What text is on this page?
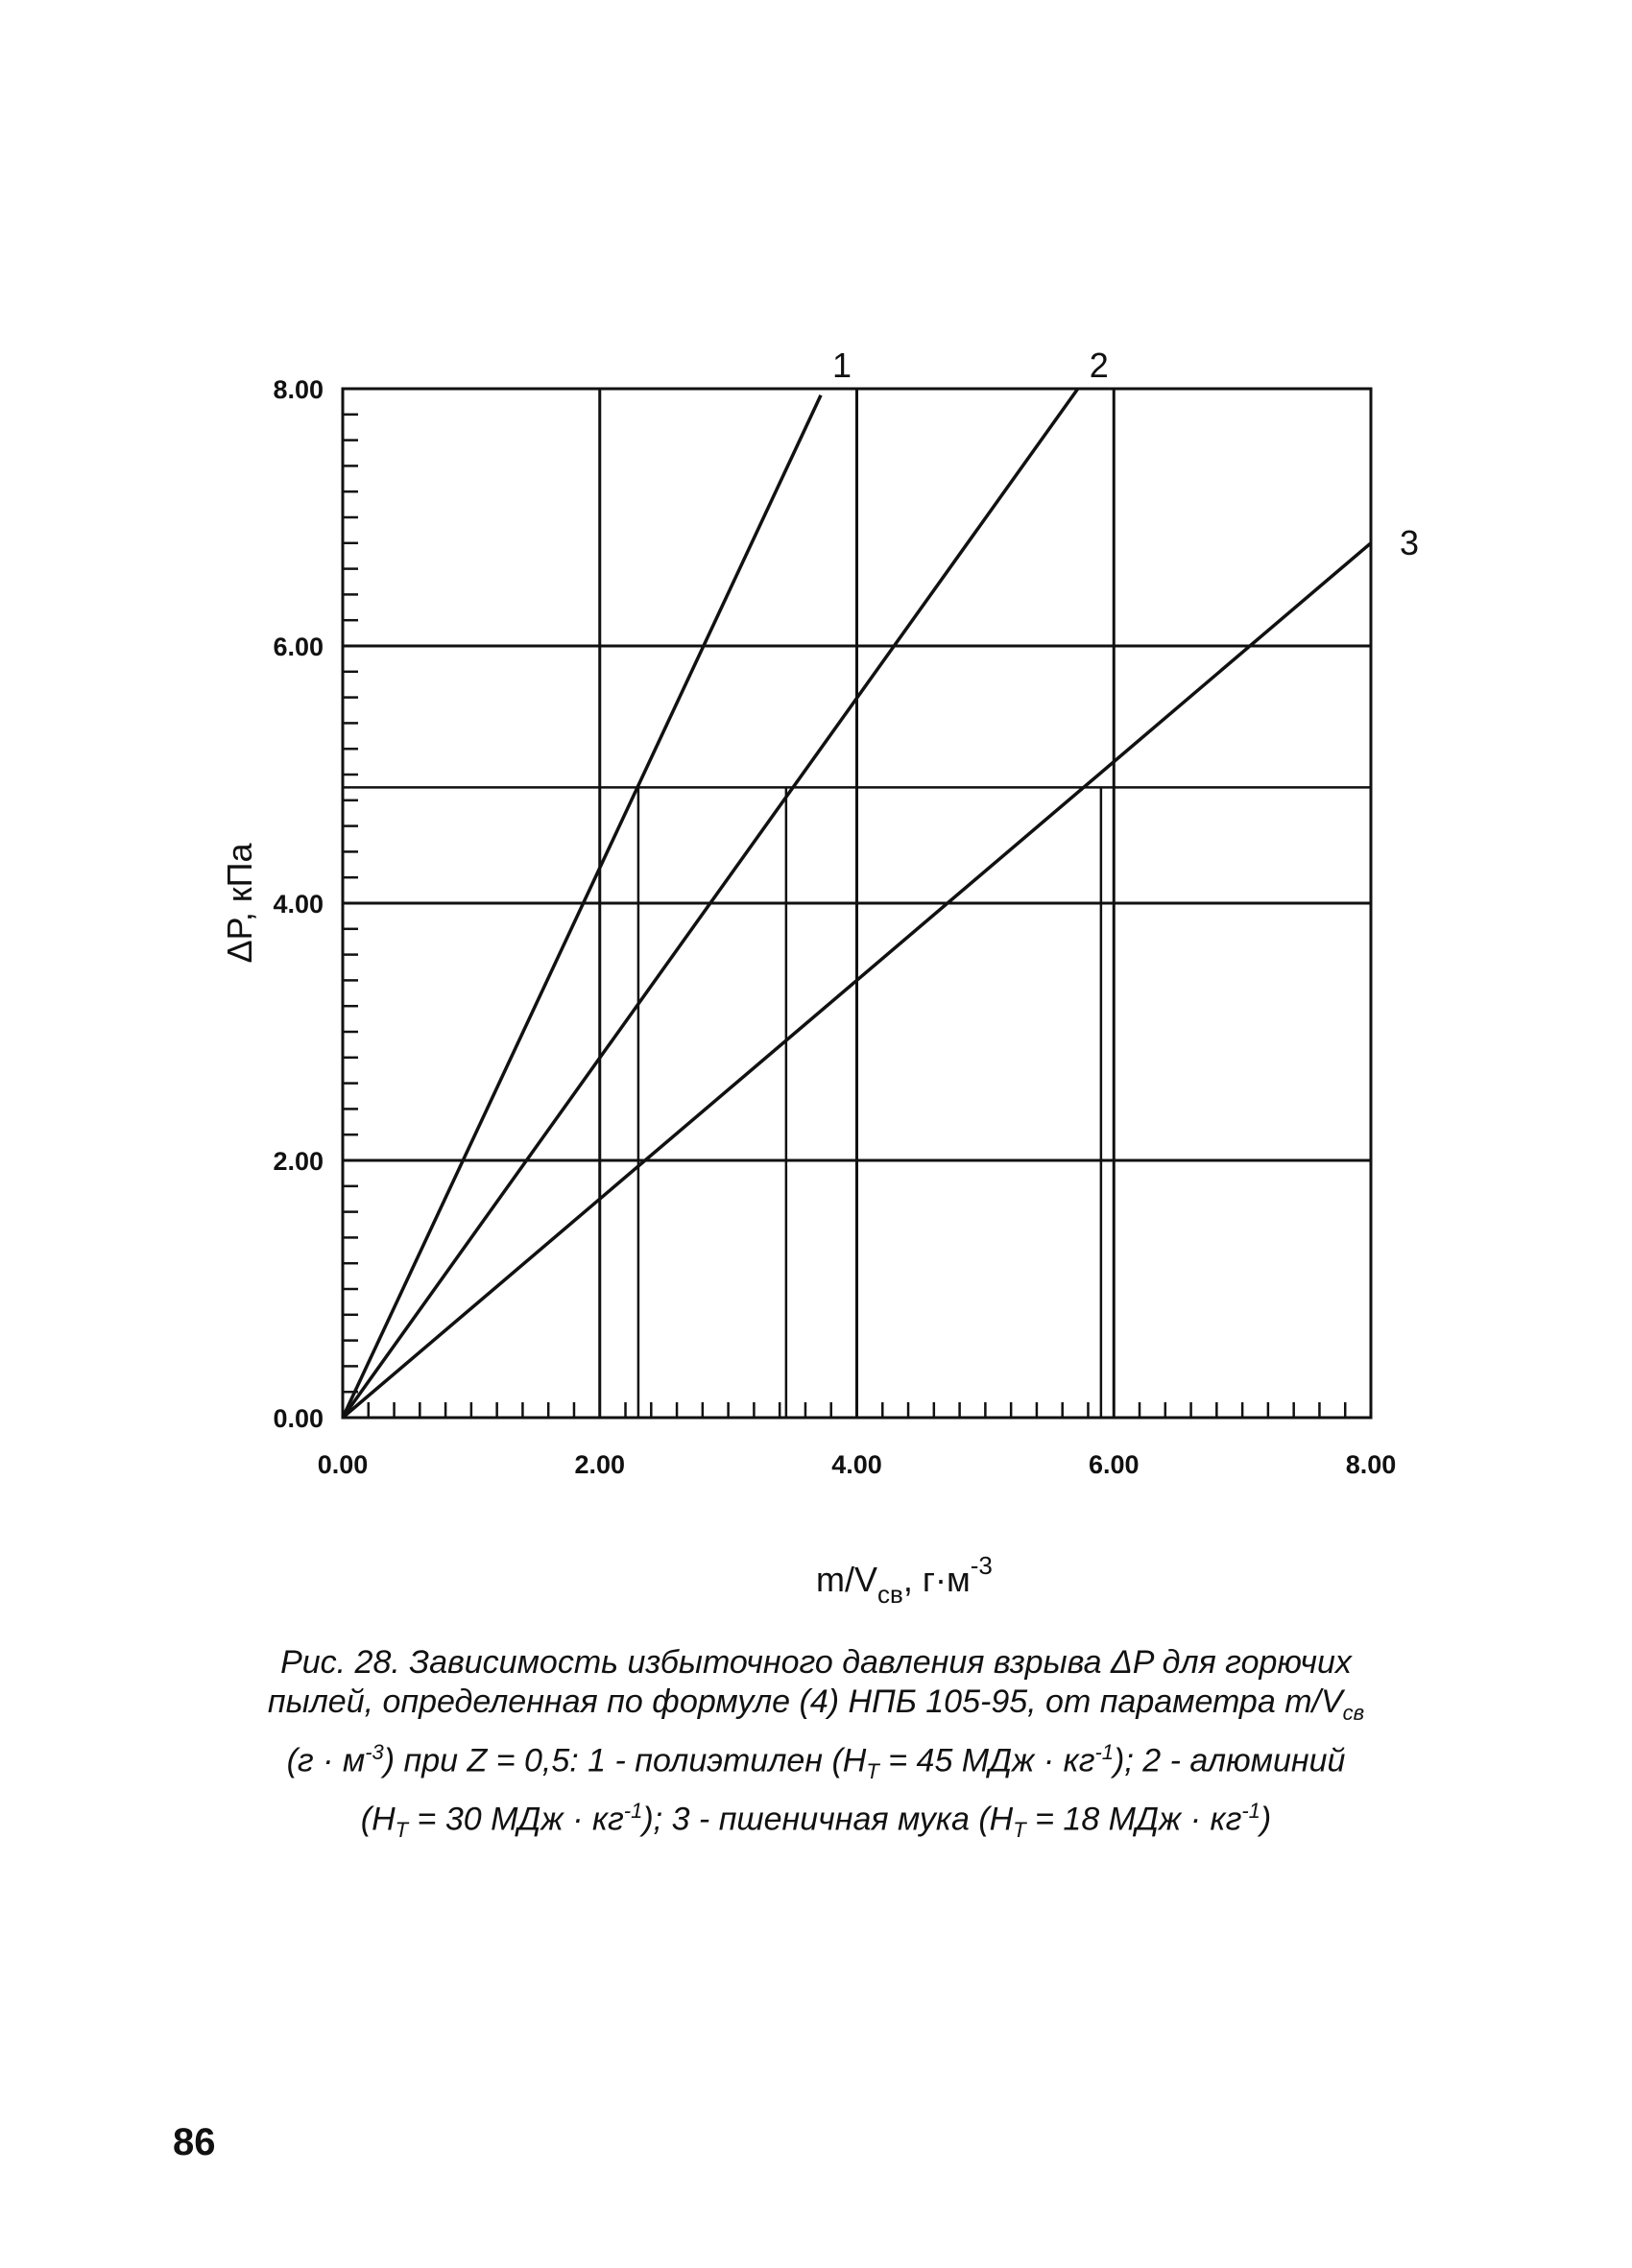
0.00	2.00	4.00	6.00	8.00
0.00
2.00
4.00
6.00
8.00
1	2
3
ΔP, кПа
$m/V_{св}$, $г\cdot м^{-3}$
Рис. 28. Зависимость избыточного давления взрыва ΔP для горючих
пылей, определенная по формуле (4) НПБ 105-95, от параметра $m/V_{св}$
$(г \cdot м^{-3})$ при Z = 0,5: 1 - полиэтилен ($H_T = 45$ МДж · $кг^{-1}$); 2 - алюминий
($H_T = 30$ МДж · $кг^{-1}$); 3 - пшеничная мука ($H_T = 18$ МДж · $кг^{-1}$)
86
